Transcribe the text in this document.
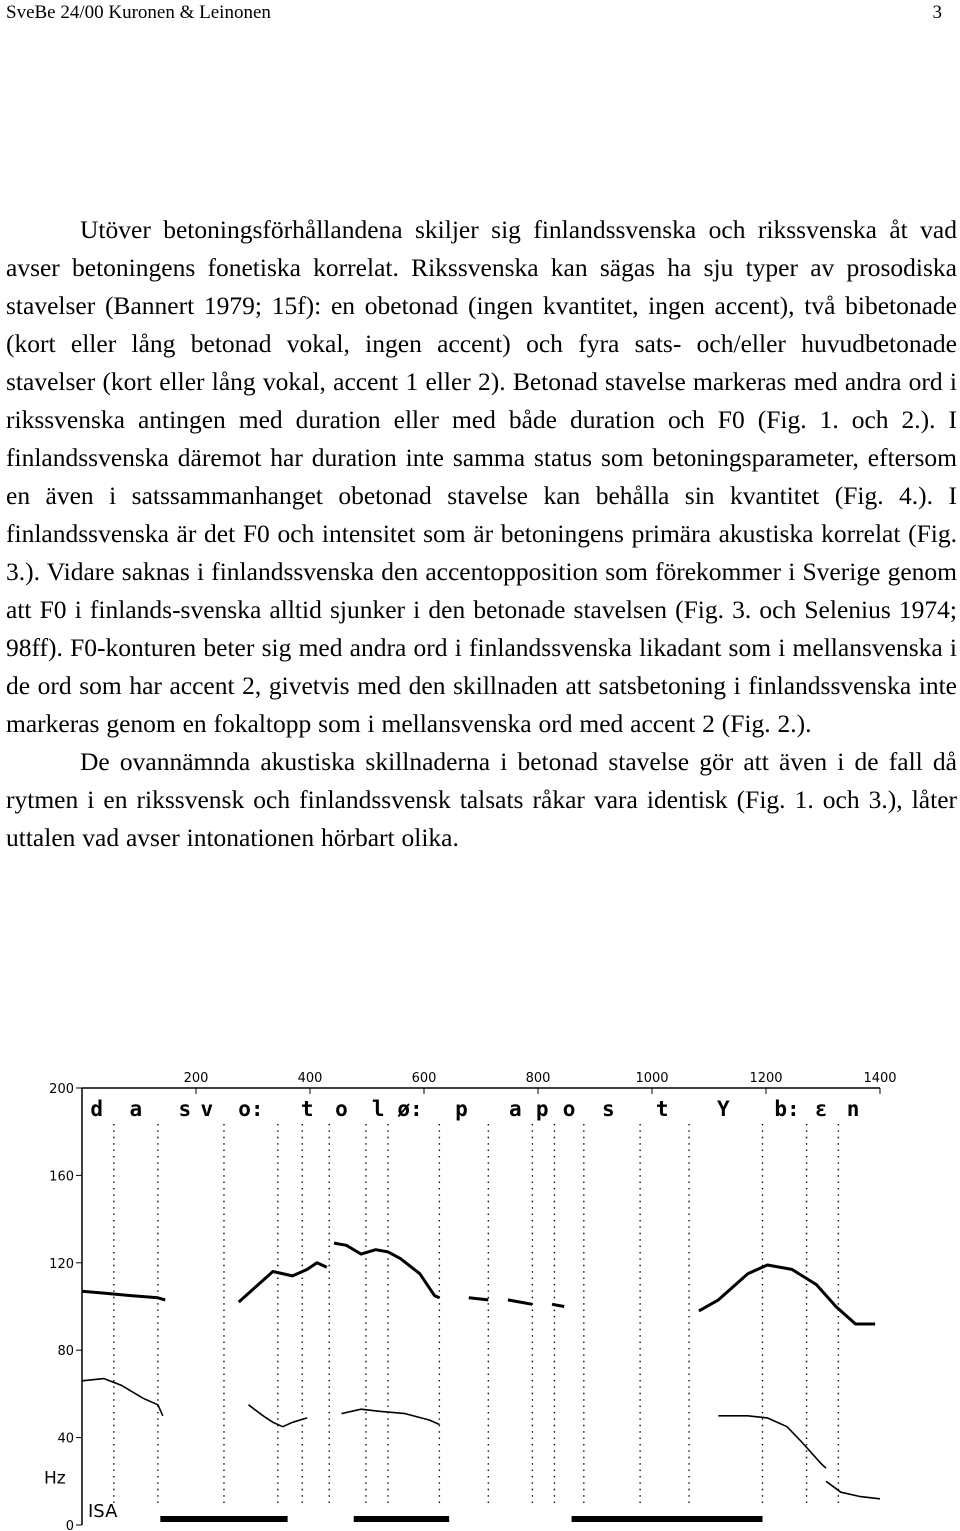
SveBe 24/00 Kuronen & Leinonen	3

Utöver betoningsförhållandena skiljer sig finlandssvenska och rikssvenska åt vad avser betoningens fonetiska korrelat. Rikssvenska kan sägas ha sju typer av prosodiska stavelser (Bannert 1979; 15f): en obetonad (ingen kvantitet, ingen accent), två bibetonade (kort eller lång betonad vokal, ingen accent) och fyra sats- och/eller huvudbetonade stavelser (kort eller lång vokal, accent 1 eller 2). Betonad stavelse markeras med andra ord i rikssvenska antingen med duration eller med både duration och F0 (Fig. 1. och 2.). I finlandssvenska däremot har duration inte samma status som betoningsparameter, eftersom en även i satssammanhanget obetonad stavelse kan behålla sin kvantitet (Fig. 4.). I finlandssvenska är det F0 och intensitet som är betoningens primära akustiska korrelat (Fig. 3.). Vidare saknas i finlandssvenska den accentopposition som förekommer i Sverige genom att F0 i finlands-svenska alltid sjunker i den betonade stavelsen (Fig. 3. och Selenius 1974; 98ff). F0-konturen beter sig med andra ord i finlandssvenska likadant som i mellansvenska i de ord som har accent 2, givetvis med den skillnaden att satsbetoning i finlandssvenska inte markeras genom en fokaltopp som i mellansvenska ord med accent 2 (Fig. 2.).

De ovannämnda akustiska skillnaderna i betonad stavelse gör att även i de fall då rytmen i en rikssvensk och finlandssvensk talsats råkar vara identisk (Fig. 1. och 3.), låter uttalen vad avser intonationen hörbart olika.

200	400	600	800	1000	1200	1400
200
160
120
80
40
0
Hz
ISA
d a s v o: t o l ø: p a p o s t Y b: ɛ n
